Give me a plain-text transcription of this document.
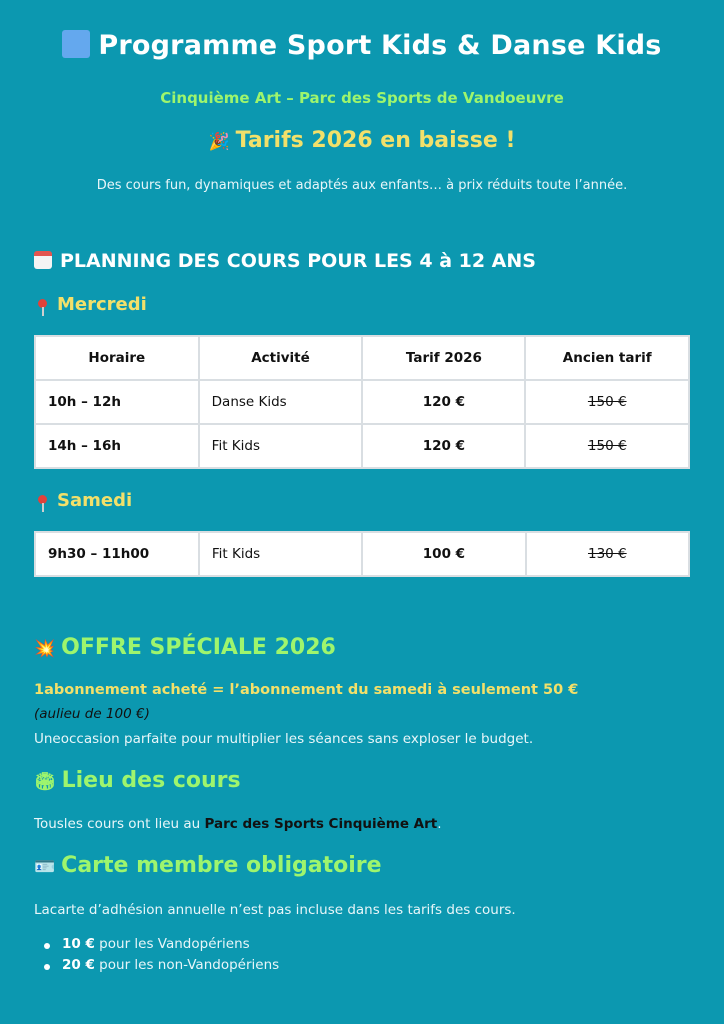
Programme Sport Kids & Danse Kids
Cinquième Art – Parc des Sports de Vandoeuvre
🎉 Tarifs 2026 en baisse !
Des cours fun, dynamiques et adaptés aux enfants… à prix réduits toute l’année.
PLANNING DES COURS POUR LES 4 à 12 ANS
Mercredi
Horaire	Activité	Tarif 2026	Ancien tarif
10h – 12h	Danse Kids	120 €	150 €
14h – 16h	Fit Kids	120 €	150 €
Samedi
9h30 – 11h00	Fit Kids	100 €	130 €
💥 OFFRE SPÉCIALE 2026
1abonnement acheté = l’abonnement du samedi à seulement 50 €
(aulieu de 100 €)
Uneoccasion parfaite pour multiplier les séances sans exploser le budget.
🏟 Lieu des cours
Tousles cours ont lieu au Parc des Sports Cinquième Art.
🪪 Carte membre obligatoire
Lacarte d’adhésion annuelle n’est pas incluse dans les tarifs des cours.
10 € pour les Vandopériens
20 € pour les non-Vandopériens
